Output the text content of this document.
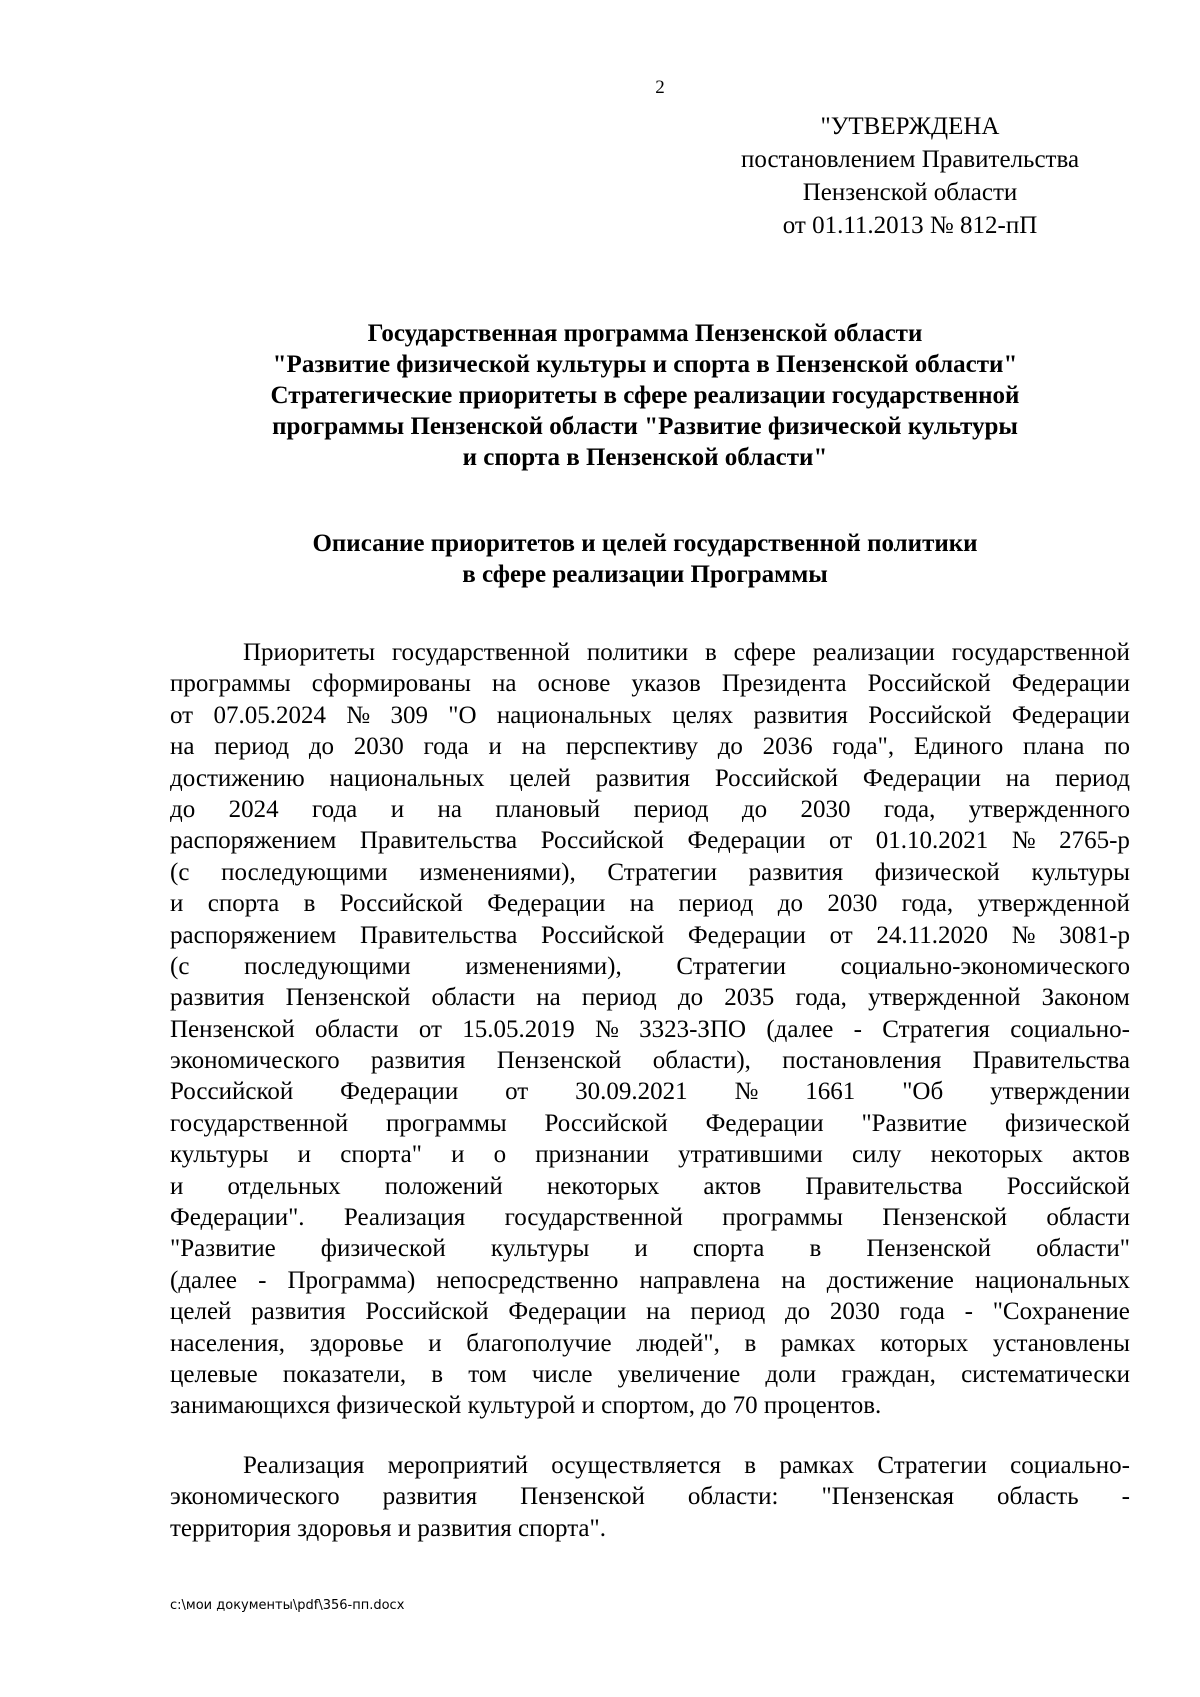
2
"УТВЕРЖДЕНА
постановлением Правительства
Пензенской области
от 01.11.2013 № 812-пП
Государственная программа Пензенской области
"Развитие физической культуры и спорта в Пензенской области"
Стратегические приоритеты в сфере реализации государственной
программы Пензенской области "Развитие физической культуры
и спорта в Пензенской области"
Описание приоритетов и целей государственной политики
в сфере реализации Программы
Приоритеты государственной политики в сфере реализации государственной
программы сформированы на основе указов Президента Российской Федерации
от 07.05.2024 № 309 "О национальных целях развития Российской Федерации
на период до 2030 года и на перспективу до 2036 года", Единого плана по
достижению национальных целей развития Российской Федерации на период
до 2024 года и на плановый период до 2030 года, утвержденного
распоряжением Правительства Российской Федерации от 01.10.2021 № 2765-р
(с последующими изменениями), Стратегии развития физической культуры
и спорта в Российской Федерации на период до 2030 года, утвержденной
распоряжением Правительства Российской Федерации от 24.11.2020 № 3081-р
(с последующими изменениями), Стратегии социально-экономического
развития Пензенской области на период до 2035 года, утвержденной Законом
Пензенской области от 15.05.2019 № 3323-ЗПО (далее - Стратегия социально-
экономического развития Пензенской области), постановления Правительства
Российской Федерации от 30.09.2021 № 1661 "Об утверждении
государственной программы Российской Федерации "Развитие физической
культуры и спорта" и о признании утратившими силу некоторых актов
и отдельных положений некоторых актов Правительства Российской
Федерации". Реализация государственной программы Пензенской области
"Развитие физической культуры и спорта в Пензенской области"
(далее - Программа) непосредственно направлена на достижение национальных
целей развития Российской Федерации на период до 2030 года - "Сохранение
населения, здоровье и благополучие людей", в рамках которых установлены
целевые показатели, в том числе увеличение доли граждан, систематически
занимающихся физической культурой и спортом, до 70 процентов.
Реализация мероприятий осуществляется в рамках Стратегии социально-
экономического развития Пензенской области: "Пензенская область -
территория здоровья и развития спорта".
c:\мои документы\pdf\356-пп.docx
